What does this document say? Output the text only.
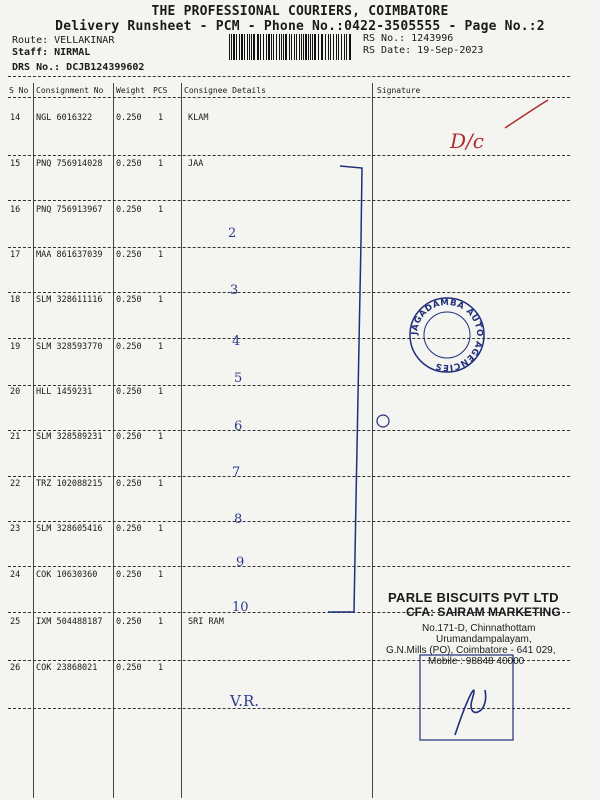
THE PROFESSIONAL COURIERS, COIMBATORE
Delivery Runsheet - PCM - Phone No.:0422-3505555 - Page No.:2
Route: VELLAKINAR
Staff: NIRMAL
DRS No.: DCJB124399602
RS No.: 1243996
RS Date: 19-Sep-2023
S No Consignment No Weight PCS Consignee Details	Signature
14 NGL 6016322	0.250 1	KLAM
15 PNQ 756914028 0.250 1	JAA
16 PNQ 756913967 0.250 1
17 MAA 861637039 0.250 1
18 SLM 328611116 0.250 1
19 SLM 328593770 0.250 1
20 HLL 1459231	0.250 1
21 SLM 328589231 0.250 1
22 TRZ 102088215 0.250 1
23 SLM 328605416 0.250 1
24 COK 10630360 0.250 1
25 IXM 504488187 0.250 1	SRI RAM
26 COK 23868021 0.250 1
JAGADAMBA AUTO AGENCIES
PARLE BISCUITS PVT LTD
CFA: SAIRAM MARKETING
No.171-D, Chinnathottam
Urumandampalayam,
G.N.Mills (PO), Coimbatore - 641 029,
Mobile : 98848 40000
D/c
2
3
4
5
6
7
8
9
10
V.R.
